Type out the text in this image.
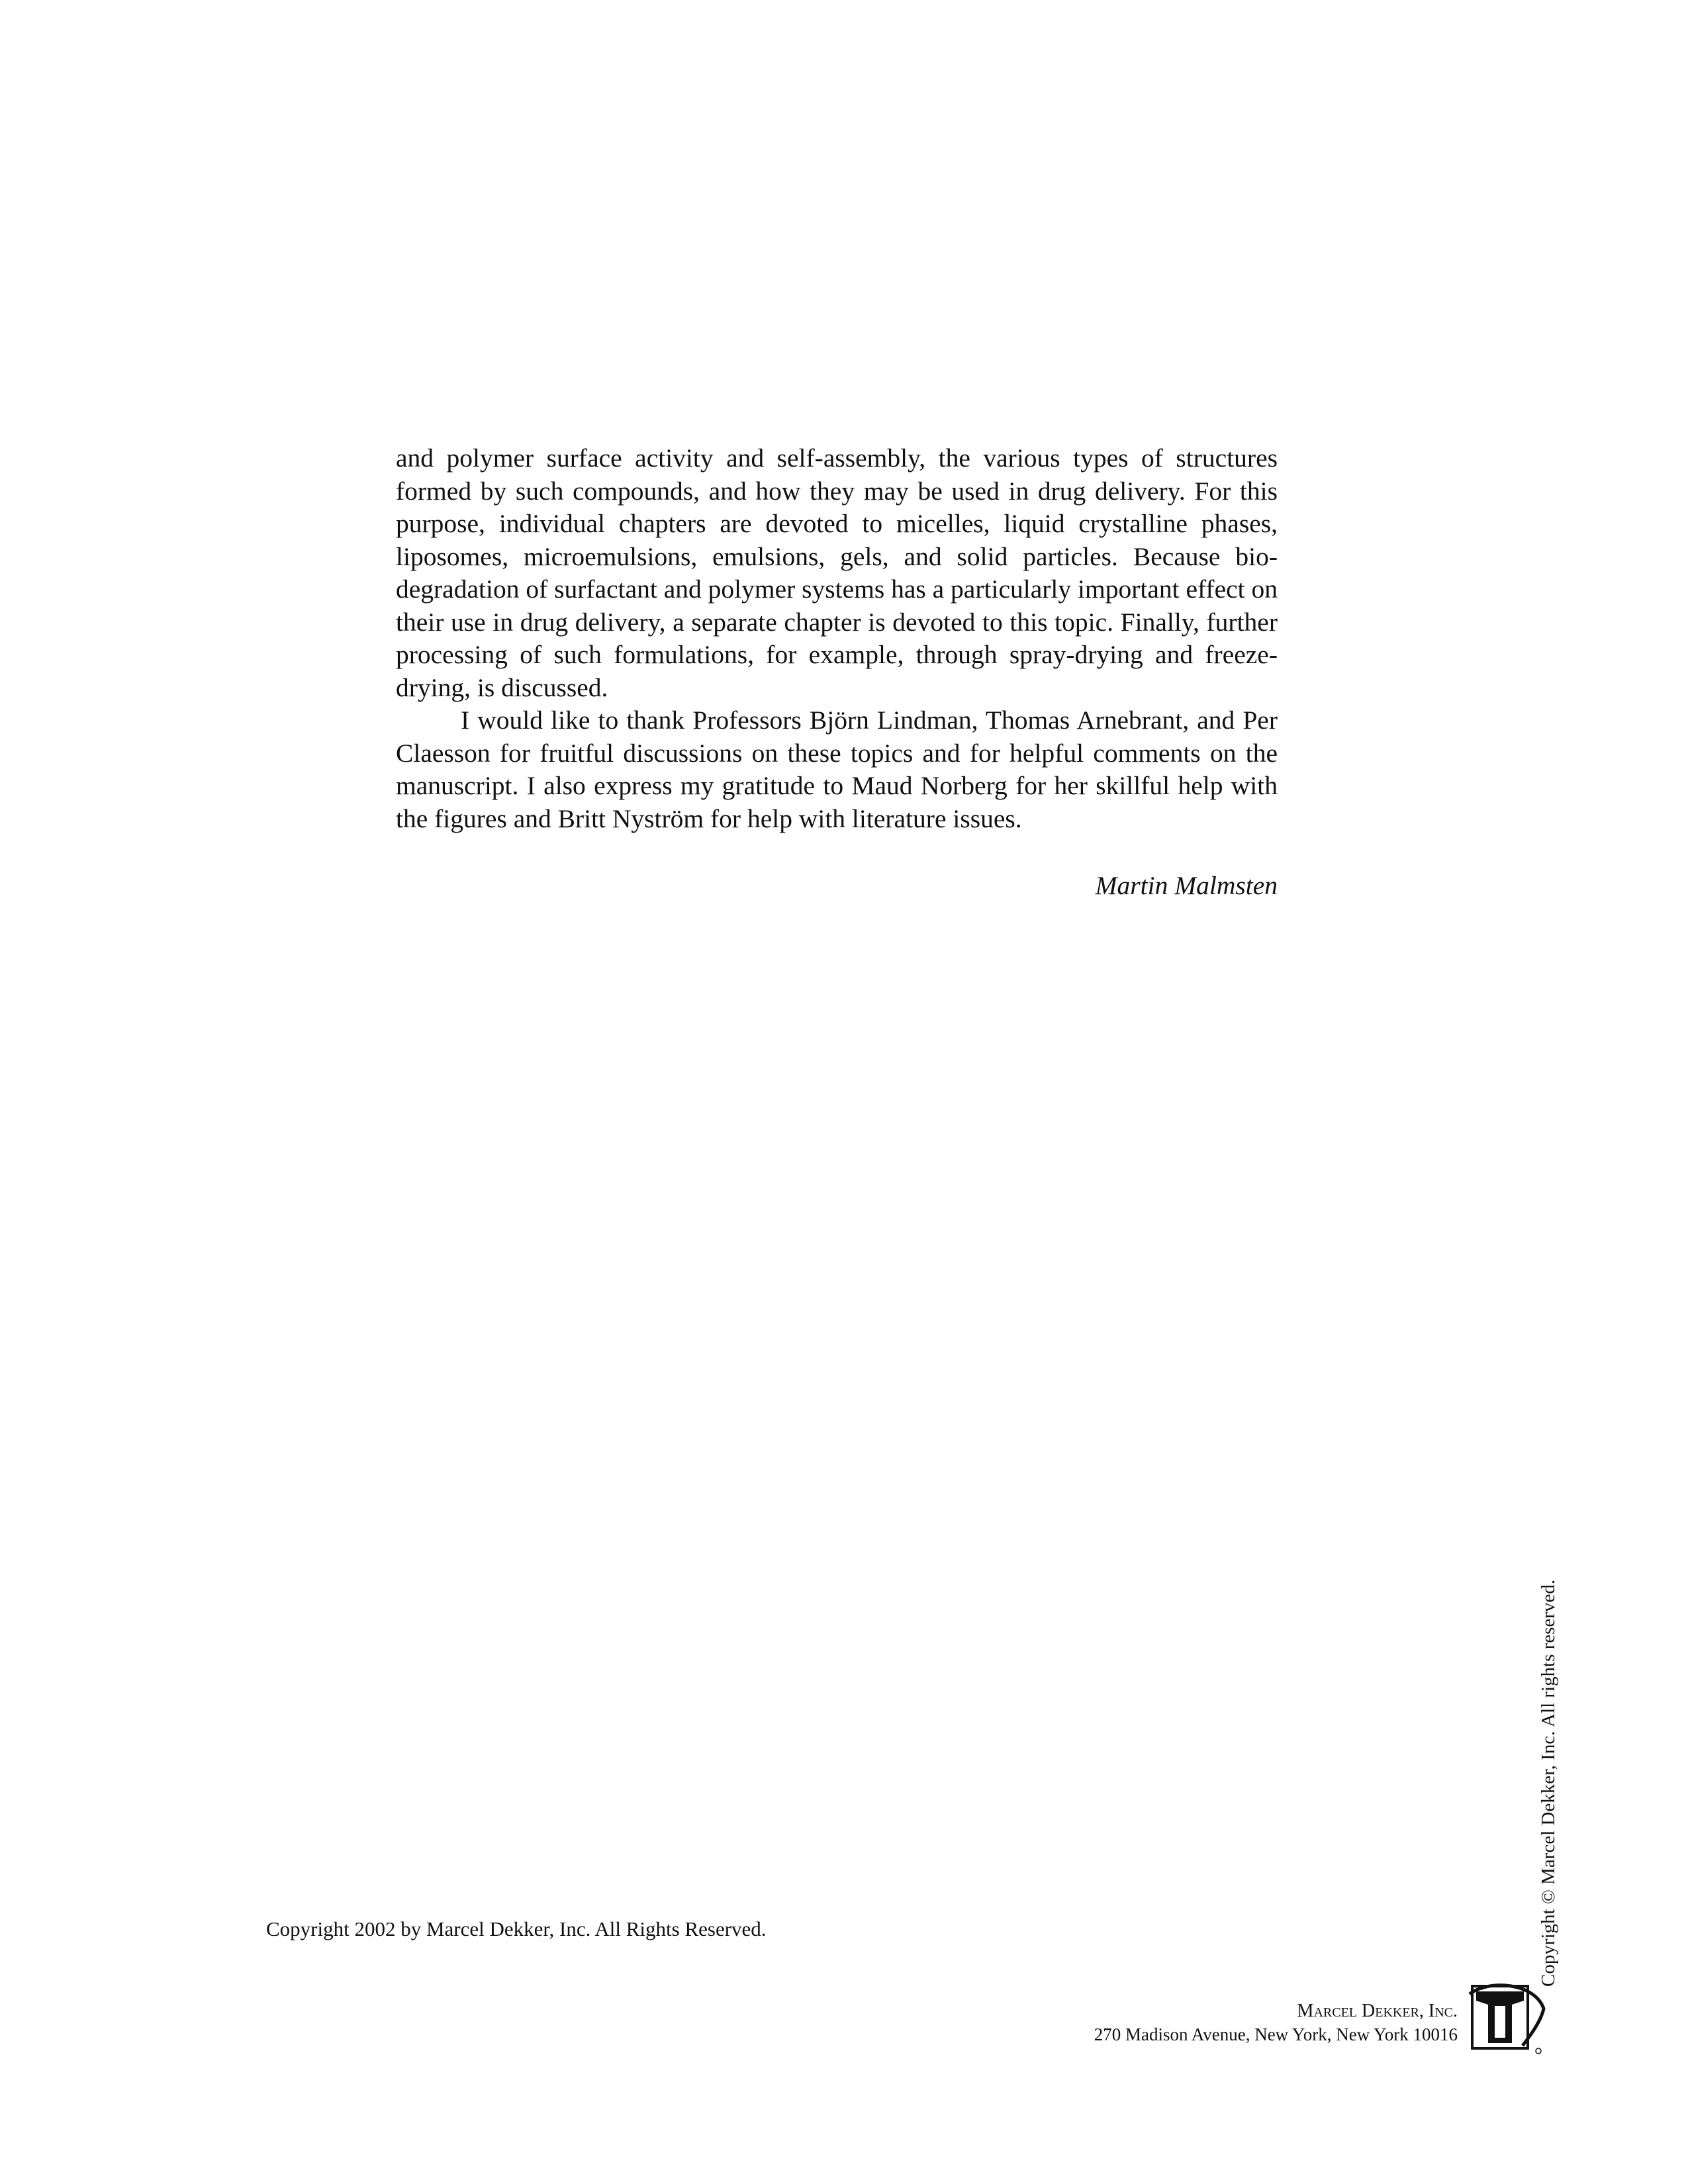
and polymer surface activity and self-assembly, the various types of structures formed by such compounds, and how they may be used in drug delivery. For this purpose, individual chapters are devoted to micelles, liquid crystalline phases, liposomes, microemulsions, emulsions, gels, and solid particles. Because bio-degradation of surfactant and polymer systems has a particularly important effect on their use in drug delivery, a separate chapter is devoted to this topic. Finally, further processing of such formulations, for example, through spray-drying and freeze-drying, is discussed.

I would like to thank Professors Björn Lindman, Thomas Arnebrant, and Per Claesson for fruitful discussions on these topics and for helpful comments on the manuscript. I also express my gratitude to Maud Norberg for her skillful help with the figures and Britt Nyström for help with literature issues.

Martin Malmsten
Copyright 2002 by Marcel Dekker, Inc. All Rights Reserved.	Copyright © Marcel Dekker, Inc. All rights reserved.
Marcel Dekker, Inc.
270 Madison Avenue, New York, New York 10016
